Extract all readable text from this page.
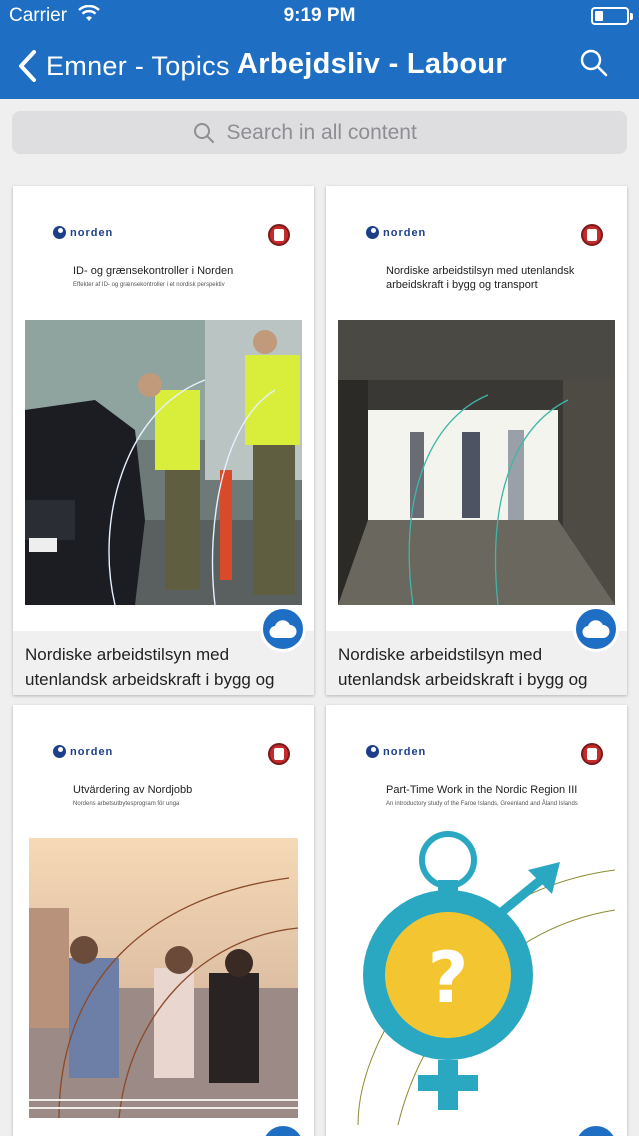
Carrier	9:19 PM
Emner - Topics Arbejdsliv - Labour
Search in all content
norden
ID- og grænsekontroller i Norden
Effekter af ID- og grænsekontroller i et nordisk perspektiv
Nordiske arbeidstilsyn med utenlandsk arbeidskraft i bygg og
norden
Nordiske arbeidstilsyn med utenlandsk arbeidskraft i bygg og transport
Nordiske arbeidstilsyn med utenlandsk arbeidskraft i bygg og
norden
Utvärdering av Nordjobb
Nordens arbetsutbytesprogram för unga
norden
Part-Time Work in the Nordic Region III
An introductory study of the Faroe Islands, Greenland and Åland Islands
?
